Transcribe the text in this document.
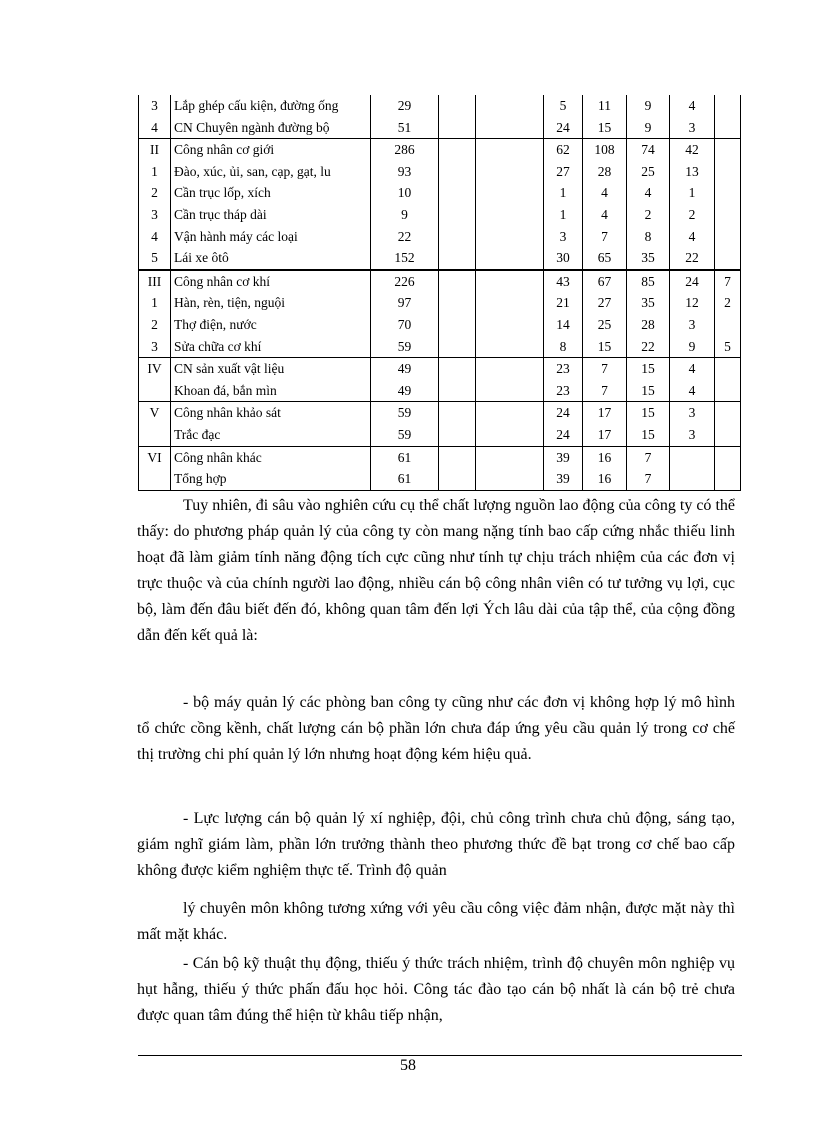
3	Lắp ghép cấu kiện, đường ống	29			5	11	9	4	
4	CN Chuyên ngành đường bộ	51			24	15	9	3	
II	Công nhân cơ giới	286			62	108	74	42	
1	Đào, xúc, ủi, san, cạp, gạt, lu	93			27	28	25	13	
2	Cần trục lốp, xích	10			1	4	4	1	
3	Cần trục tháp dài	9			1	4	2	2	
4	Vận hành máy các loại	22			3	7	8	4	
5	Lái xe ôtô	152			30	65	35	22	
III	Công nhân cơ khí	226			43	67	85	24	7
1	Hàn, rèn, tiện, nguội	97			21	27	35	12	2
2	Thợ điện, nước	70			14	25	28	3	
3	Sửa chữa cơ khí	59			8	15	22	9	5
IV	CN sản xuất vật liệu	49			23	7	15	4	
	Khoan đá, bắn mìn	49			23	7	15	4	
V	Công nhân khảo sát	59			24	17	15	3	
	Trắc đạc	59			24	17	15	3	
VI	Công nhân khác	61			39	16	7		
	Tổng hợp	61			39	16	7		
Tuy nhiên, đi sâu vào nghiên cứu cụ thể chất lượng nguồn lao động của công ty có thể thấy: do phương pháp quản lý của công ty còn mang nặng tính bao cấp cứng nhắc thiếu linh hoạt đã làm giảm tính năng động tích cực cũng như tính tự chịu trách nhiệm của các đơn vị trực thuộc và của chính người lao động, nhiều cán bộ công nhân viên có tư tưởng vụ lợi, cục bộ, làm đến đâu biết đến đó, không quan tâm đến lợi Ých lâu dài của tập thể, của cộng đồng dẫn đến kết quả là:
- bộ máy quản lý các phòng ban công ty cũng như các đơn vị không hợp lý mô hình tổ chức cồng kềnh, chất lượng cán bộ phần lớn chưa đáp ứng yêu cầu quản lý trong cơ chế thị trường chi phí quản lý lớn nhưng hoạt động kém hiệu quả.
- Lực lượng cán bộ quản lý xí nghiệp, đội, chủ công trình chưa chủ động, sáng tạo, giám nghĩ giám làm, phần lớn trưởng thành theo phương thức đề bạt trong cơ chế bao cấp không được kiểm nghiệm thực tế. Trình độ quản
lý chuyên môn không tương xứng với yêu cầu công việc đảm nhận, được mặt này thì mất mặt khác.
- Cán bộ kỹ thuật thụ động, thiếu ý thức trách nhiệm, trình độ chuyên môn nghiệp vụ hụt hẫng, thiếu ý thức phấn đấu học hỏi. Công tác đào tạo cán bộ nhất là cán bộ trẻ chưa được quan tâm đúng thể hiện từ khâu tiếp nhận,
58
